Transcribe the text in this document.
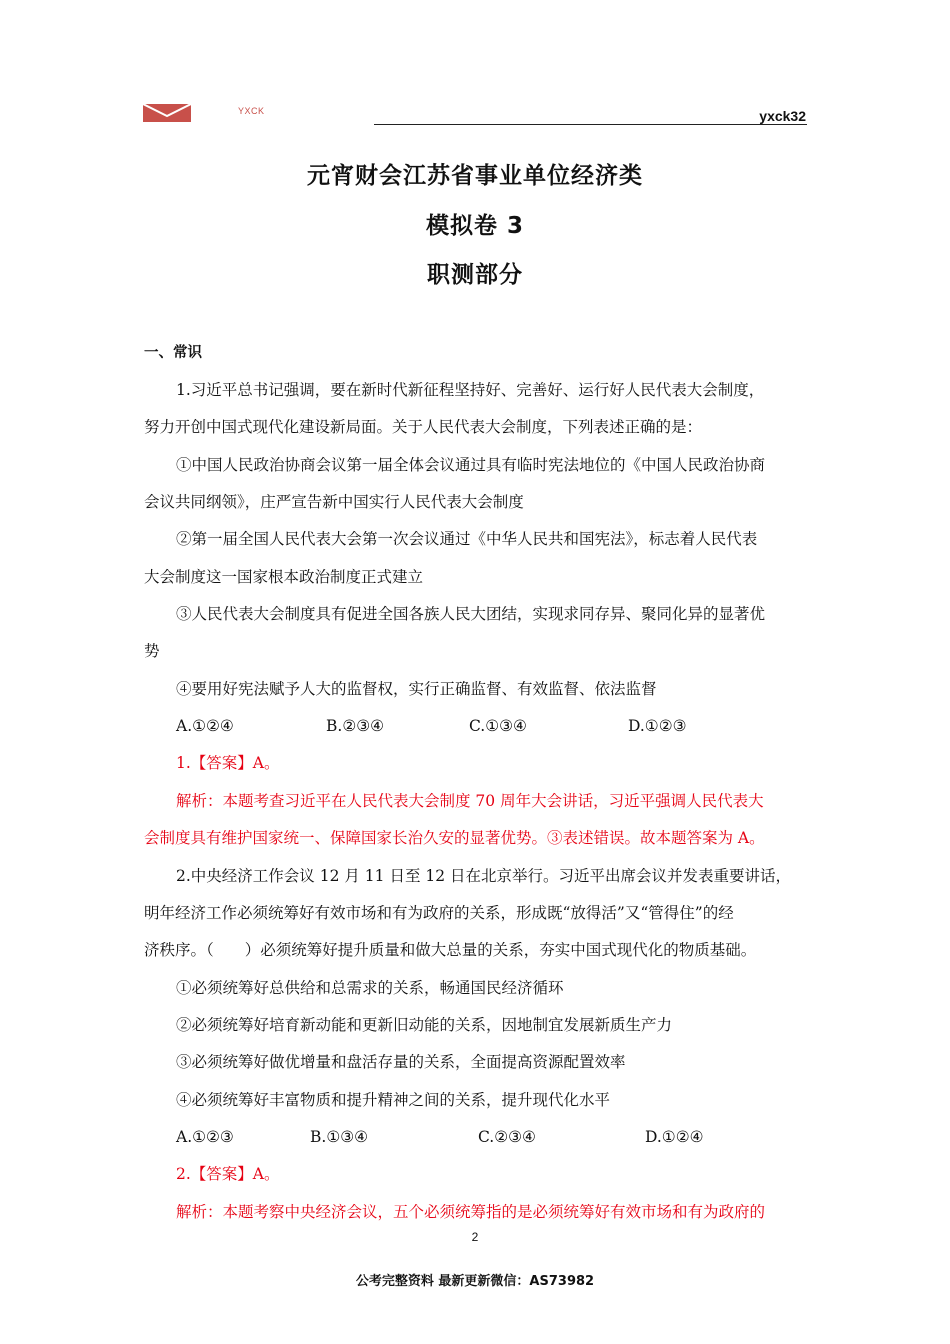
YXCK	yxck32
元宵财会江苏省事业单位经济类
模拟卷 3
职测部分
一、常识
1.习近平总书记强调，要在新时代新征程坚持好、完善好、运行好人民代表大会制度，
努力开创中国式现代化建设新局面。关于人民代表大会制度，下列表述正确的是：
①中国人民政治协商会议第一届全体会议通过具有临时宪法地位的《中国人民政治协商
会议共同纲领》，庄严宣告新中国实行人民代表大会制度
②第一届全国人民代表大会第一次会议通过《中华人民共和国宪法》，标志着人民代表
大会制度这一国家根本政治制度正式建立
③人民代表大会制度具有促进全国各族人民大团结，实现求同存异、聚同化异的显著优
势
④要用好宪法赋予人大的监督权，实行正确监督、有效监督、依法监督
A.①②④	B.②③④	C.①③④	D.①②③
1.【答案】A。
解析：本题考查习近平在人民代表大会制度 70 周年大会讲话，习近平强调人民代表大
会制度具有维护国家统一、保障国家长治久安的显著优势。③表述错误。故本题答案为 A。
2.中央经济工作会议 12 月 11 日至 12 日在北京举行。习近平出席会议并发表重要讲话，
明年经济工作必须统筹好有效市场和有为政府的关系，形成既“放得活”又“管得住”的经
济秩序。（　　）必须统筹好提升质量和做大总量的关系，夯实中国式现代化的物质基础。
①必须统筹好总供给和总需求的关系，畅通国民经济循环
②必须统筹好培育新动能和更新旧动能的关系，因地制宜发展新质生产力
③必须统筹好做优增量和盘活存量的关系，全面提高资源配置效率
④必须统筹好丰富物质和提升精神之间的关系，提升现代化水平
A.①②③	B.①③④	C.②③④	D.①②④
2.【答案】A。
解析：本题考察中央经济会议，五个必须统筹指的是必须统筹好有效市场和有为政府的
2
公考完整资料 最新更新微信：AS73982
